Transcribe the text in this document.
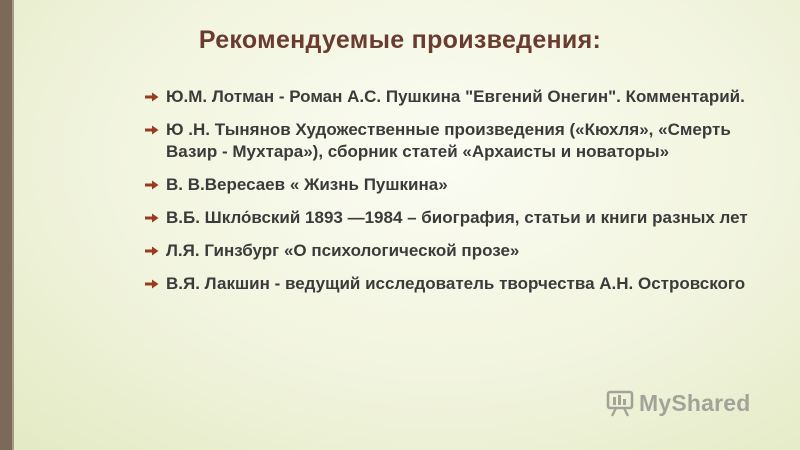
Рекомендуемые произведения:
Ю.М. Лотман - Роман А.С. Пушкина "Евгений Онегин". Комментарий.
Ю .Н. Тынянов Художественные произведения («Кюхля», «Смерть Вазир - Мухтара»), сборник статей «Архаисты и новаторы»
В. В.Вересаев « Жизнь Пушкина»
В.Б. Шкло́вский 1893 —1984 – биография, статьи и книги разных лет
Л.Я. Гинзбург «О психологической прозе»
В.Я. Лакшин - ведущий исследователь творчества А.Н. Островского
MyShared
